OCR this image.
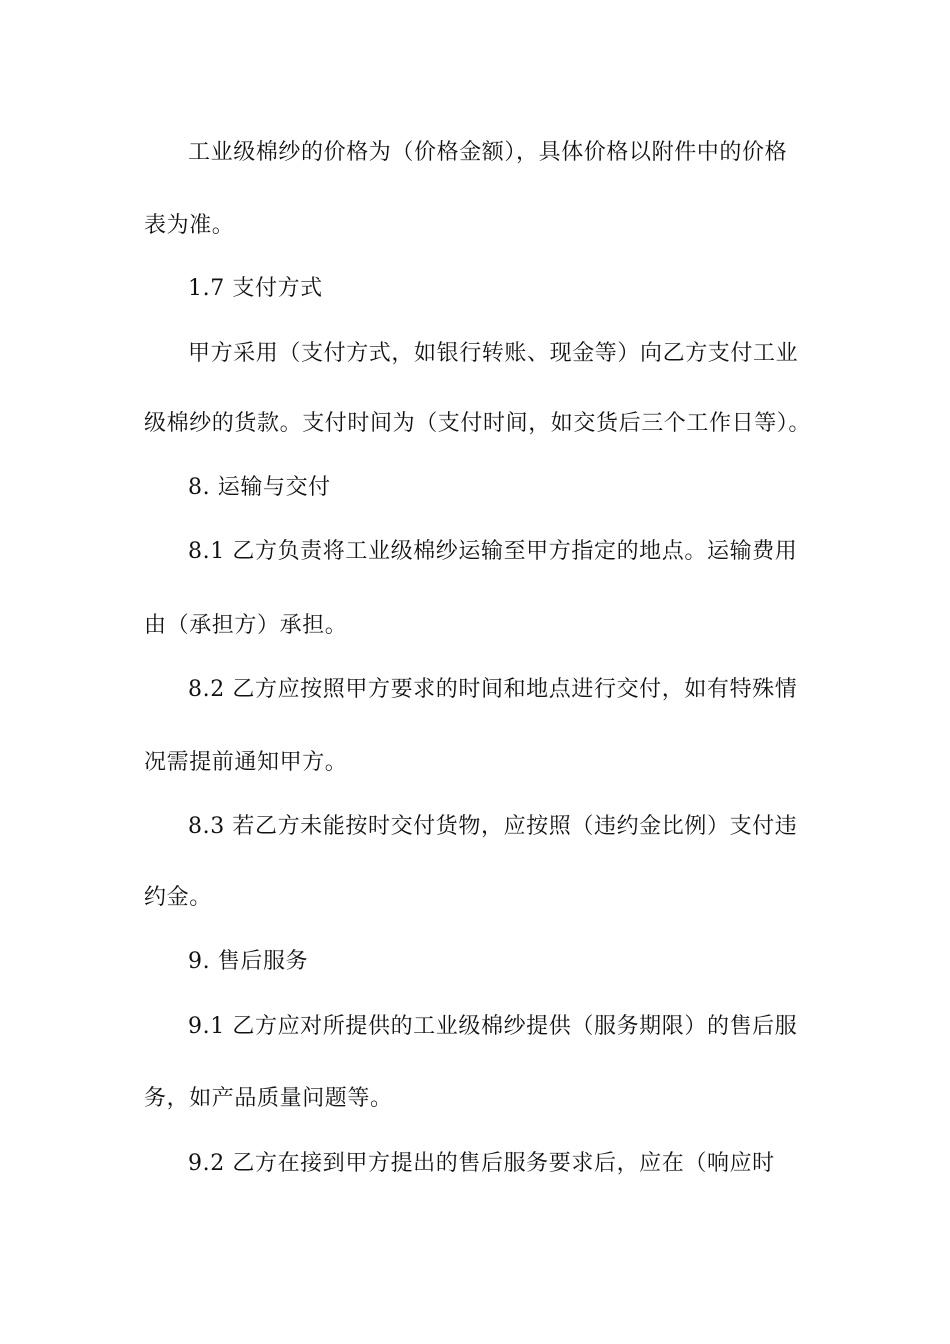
工业级棉纱的价格为（价格金额），具体价格以附件中的价格
表为准。
1.7 支付方式
甲方采用（支付方式，如银行转账、现金等）向乙方支付工业
级棉纱的货款。支付时间为（支付时间，如交货后三个工作日等）。
8. 运输与交付
8.1 乙方负责将工业级棉纱运输至甲方指定的地点。运输费用
由（承担方）承担。
8.2 乙方应按照甲方要求的时间和地点进行交付，如有特殊情
况需提前通知甲方。
8.3 若乙方未能按时交付货物，应按照（违约金比例）支付违
约金。
9. 售后服务
9.1 乙方应对所提供的工业级棉纱提供（服务期限）的售后服
务，如产品质量问题等。
9.2 乙方在接到甲方提出的售后服务要求后，应在（响应时
